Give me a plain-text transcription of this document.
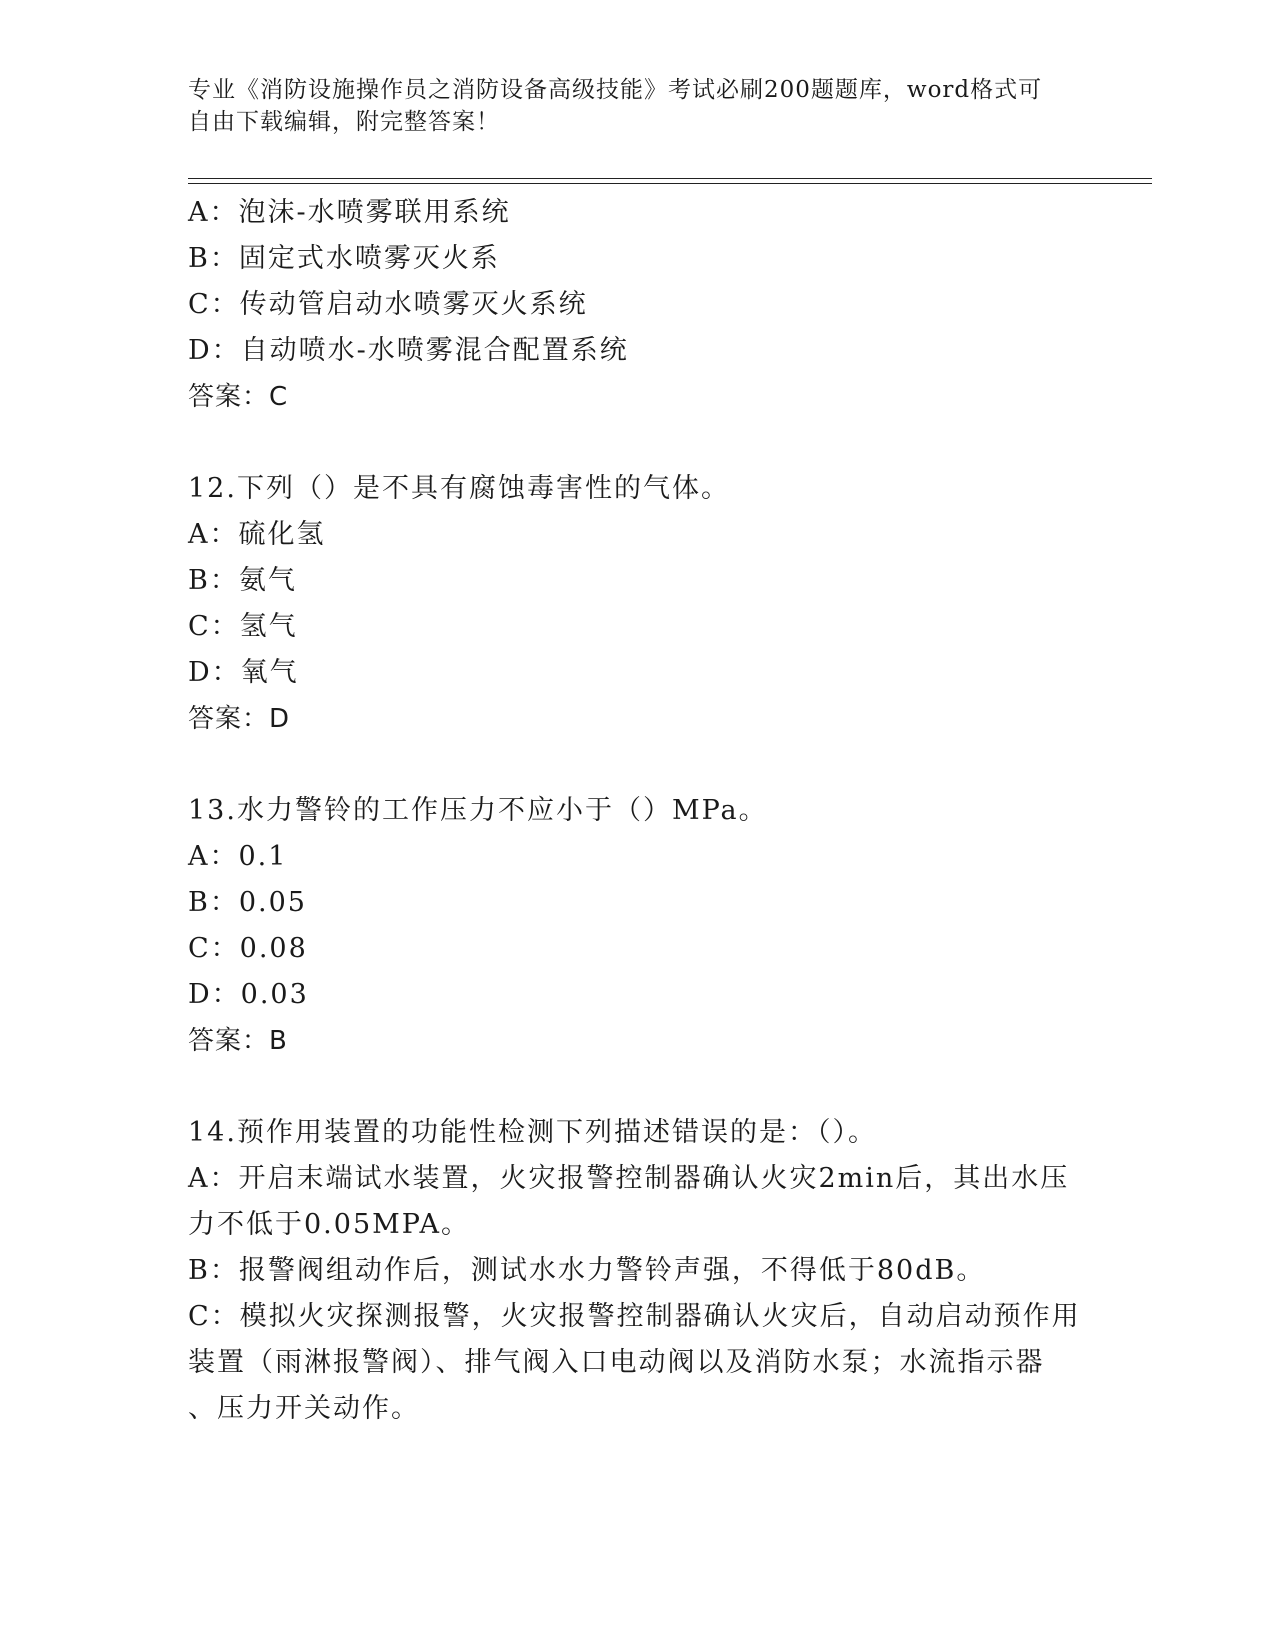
专业《消防设施操作员之消防设备高级技能》考试必刷200题题库，word格式可
自由下载编辑，附完整答案！
A：泡沫-水喷雾联用系统
B：固定式水喷雾灭火系
C：传动管启动水喷雾灭火系统
D：自动喷水-水喷雾混合配置系统
答案：C
12.下列（）是不具有腐蚀毒害性的气体。
A：硫化氢
B：氨气
C：氢气
D：氧气
答案：D
13.水力警铃的工作压力不应小于（）MPa。
A：0.1
B：0.05
C：0.08
D：0.03
答案：B
14.预作用装置的功能性检测下列描述错误的是：（）。
A：开启末端试水装置，火灾报警控制器确认火灾2min后，其出水压
力不低于0.05MPA。
B：报警阀组动作后，测试水水力警铃声强，不得低于80dB。
C：模拟火灾探测报警，火灾报警控制器确认火灾后，自动启动预作用
装置（雨淋报警阀）、排气阀入口电动阀以及消防水泵；水流指示器
、压力开关动作。
